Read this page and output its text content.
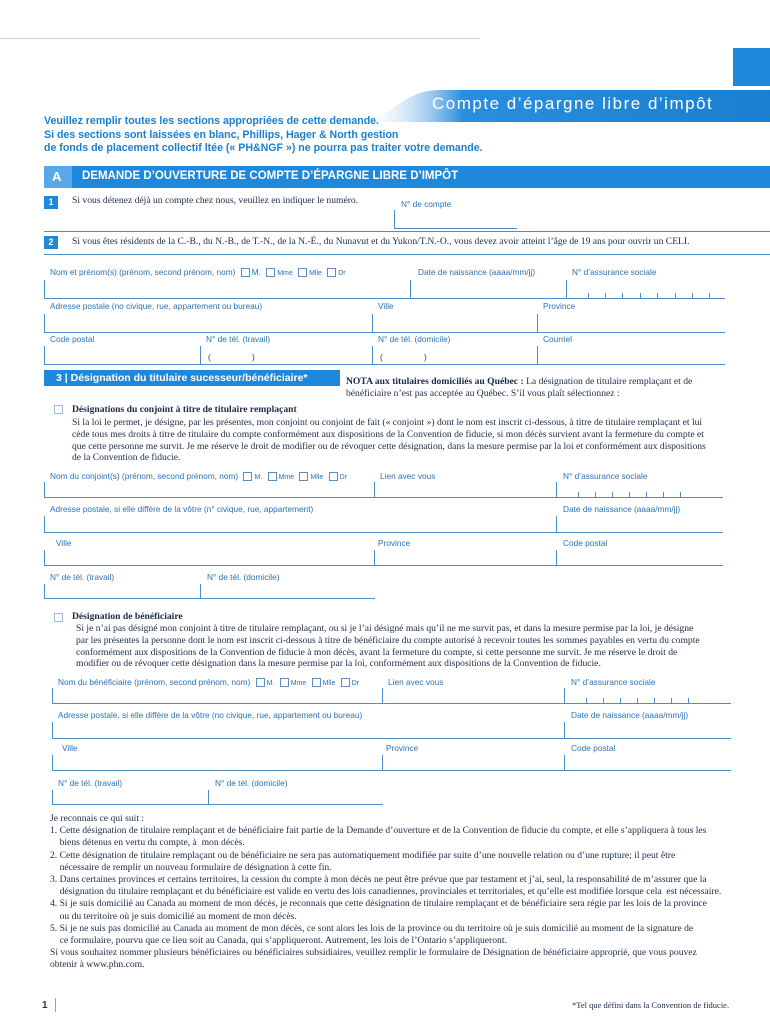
Compte d’épargne libre d’impôt
Veuillez remplir toutes les sections appropriées de cette demande.
Si des sections sont laissées en blanc, Phillips, Hager & North gestion
de fonds de placement collectif ltée (« PH&NGF ») ne pourra pas traiter votre demande.
A DEMANDE D’OUVERTURE DE COMPTE D’ÉPARGNE LIBRE D’IMPÔT
1	Si vous détenez déjà un compte chez nous, veuillez en indiquer le numéro.	N° de compte
2	Si vous êtes résidents de la C.-B., du N.-B., de T.-N., de la N.-É., du Nunavut et du Yukon/T.N.-O., vous devez avoir atteint l’âge de 19 ans pour ouvrir un CELI.
Nom et prénom(s) (prénom, second prénom, nom) M. Mme Mlle Dr	Date de naissance (aaaa/mm/jj)	N° d’assurance sociale
Adresse postale (no civique, rue, appartement ou bureau)	Ville	Province
Code postal	N° de tél. (travail)	N° de tél. (domicile)	Courriel
(	)	(	)
3 | Désignation du titulaire sucesseur/bénéficiaire*	NOTA aux titulaires domiciliés au Québec : La désignation de titulaire remplaçant et de
bénéficiaire n’est pas acceptée au Québec. S’il vous plaît sélectionnez :
Désignations du conjoint à titre de titulaire remplaçant
Si la loi le permet, je désigne, par les présentes, mon conjoint ou conjoint de fait (« conjoint ») dont le nom est inscrit ci-dessous, à titre de titulaire remplaçant et lui
cède tous mes droits à titre de titulaire du compte conformément aux dispositions de la Convention de fiducie, si mon décès survient avant la fermeture du compte et
que cette personne me survit. Je me réserve le droit de modifier ou de révoquer cette désignation, dans la mesure permise par la loi et conformément aux dispositions
de la Convention de fiducie.
Nom du conjoint(s) (prénom, second prénom, nom) M. Mme Mlle Dr	Lien avec vous	N° d’assurance sociale
Adresse postale, si elle diffère de la vôtre (n° civique, rue, appartement)	Date de naissance (aaaa/mm/jj)
Ville	Province	Code postal
N° de tél. (travail)	N° de tél. (domicile)
Désignation de bénéficiaire
Si je n’ai pas désigné mon conjoint à titre de titulaire remplaçant, ou si je l’ai désigné mais qu’il ne me survit pas, et dans la mesure permise par la loi, je désigne
par les présentes la personne dont le nom est inscrit ci-dessous à titre de bénéficiaire du compte autorisé à recevoir toutes les sommes payables en vertu du compte
conformément aux dispositions de la Convention de fiducie à mon décès, avant la fermeture du compte, si cette personne me survit. Je me réserve le droit de
modifier ou de révoquer cette désignation dans la mesure permise par la loi, conformément aux dispositions de la Convention de fiducie.
Nom du bénéficiaire (prénom, second prénom, nom) M. Mme Mlle Dr	Lien avec vous	N° d’assurance sociale
Adresse postale, si elle diffère de la vôtre (no civique, rue, appartement ou bureau)	Date de naissance (aaaa/mm/jj)
Ville	Province	Code postal
N° de tél. (travail)	N° de tél. (domicile)
Je reconnais ce qui suit :
1. Cette désignation de titulaire remplaçant et de bénéficiaire fait partie de la Demande d’ouverture et de la Convention de fiducie du compte, et elle s’appliquera à tous les
biens détenus en vertu du compte, à  mon décès.
2. Cette désignation de titulaire remplaçant ou de bénéficiaire ne sera pas automatiquement modifiée par suite d’une nouvelle relation ou d’une rupture; il peut être
nécessaire de remplir un nouveau formulaire de désignation à cette fin.
3. Dans certaines provinces et certains territoires, la cession du compte à mon décès ne peut être prévue que par testament et j’ai, seul, la responsabilité de m’assurer que la
désignation du titulaire remplaçant et du bénéficiaire est valide en vertu des lois canadiennes, provinciales et territoriales, et qu’elle est modifiée lorsque cela  est nécessaire.
4. Si je suis domicilié au Canada au moment de mon décès, je reconnais que cette désignation de titulaire remplaçant et de bénéficiaire sera régie par les lois de la province
ou du territoire où je suis domicilié au moment de mon décès.
5. Si je ne suis pas domicilié au Canada au moment de mon décès, ce sont alors les lois de la province ou du territoire où je suis domicilié au moment de la signature de
ce formulaire, pourvu que ce lieu soit au Canada, qui s’appliqueront. Autrement, les lois de l’Ontario s’appliqueront.
Si vous souhaitez nommer plusieurs bénéficiaires ou bénéficiaires subsidiaires, veuillez remplir le formulaire de Désignation de bénéficiaire approprié, que vous pouvez
obtenir à www.phn.com.
1	*Tel que défini dans la Convention de fiducie.
